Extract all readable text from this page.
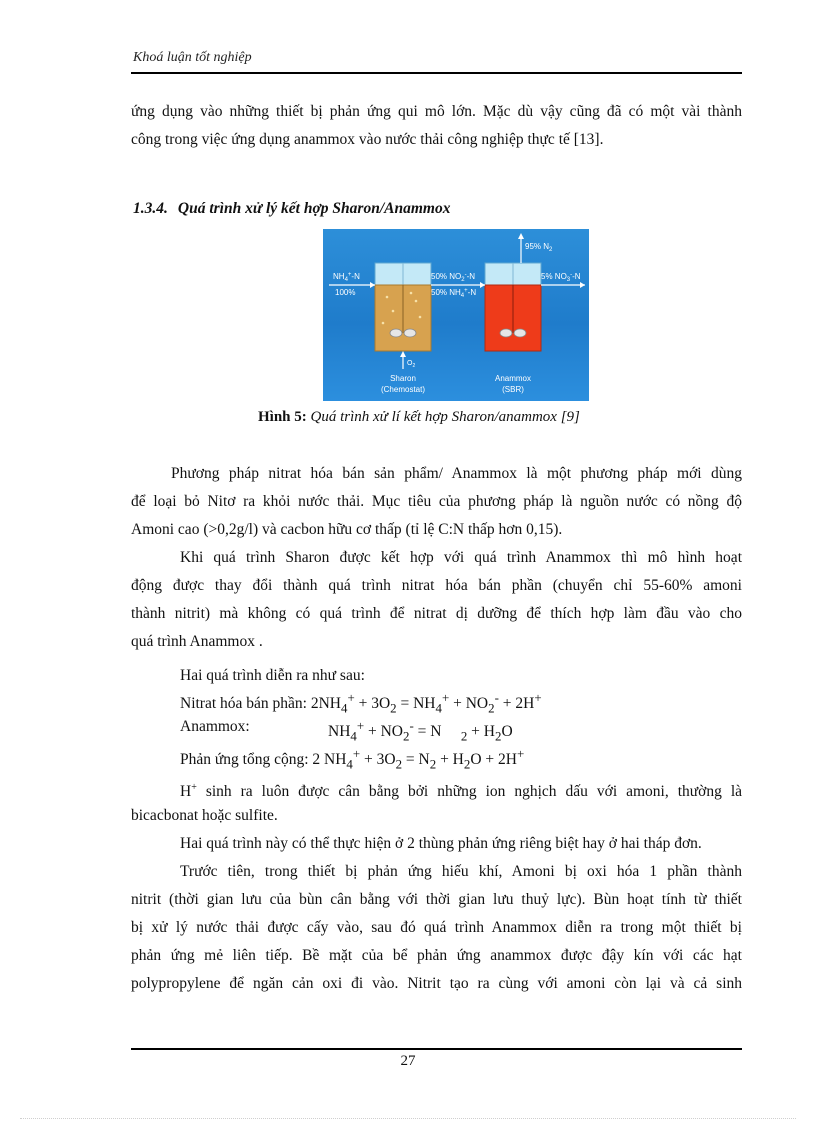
Khoá luận tốt nghiệp
ứng dụng vào những thiết bị phản ứng qui mô lớn. Mặc dù vậy cũng đã có một vài thành
công trong việc ứng dụng anammox vào nước thải công nghiệp thực tế [13].
1.3.4. Quá trình xử lý kết hợp Sharon/Anammox
95% $N_2$
$NH_4^+-N$
100%
50% $NO_2^--N$
50% $NH_4^+-N$
5% $NO_3^--N$
$O_2$
Sharon
(Chemostat)
Anammox
(SBR)
Hình 5: Quá trình xử lí kết hợp Sharon/anammox [9]
Phương pháp nitrat hóa bán sản phẩm/ Anammox là một phương pháp mới dùng
để loại bỏ Nitơ ra khỏi nước thải. Mục tiêu của phương pháp là nguồn nước có nồng độ
Amoni cao (>0,2g/l) và cacbon hữu cơ thấp (tỉ lệ C:N thấp hơn 0,15).
Khi quá trình Sharon được kết hợp với quá trình Anammox thì mô hình hoạt
động được thay đổi thành quá trình nitrat hóa bán phần (chuyển chỉ 55-60% amoni
thành nitrit) mà không có quá trình để nitrat dị dưỡng để thích hợp làm đầu vào cho
quá trình Anammox .
Hai quá trình diễn ra như sau:
Nitrat hóa bán phần: $2NH_4^+ + 3O_2 = NH_4^+ + NO_2^- + 2H^+$
Anammox:	$NH_4^+ + NO_2^- = N$     $_2 + H_2O$
Phản ứng tổng cộng: 2 $NH_4^+ + 3O_2 = N_2 + H_2O + 2H^+$
H+ sinh ra luôn được cân bằng bởi những ion nghịch dấu với amoni, thường là
bicacbonat hoặc sulfite.
Hai quá trình này có thể thực hiện ở 2 thùng phản ứng riêng biệt hay ở hai tháp đơn.
Trước tiên, trong thiết bị phản ứng hiếu khí, Amoni bị oxi hóa 1 phần thành
nitrit (thời gian lưu của bùn cân bằng với thời gian lưu thuỷ lực). Bùn hoạt tính từ thiết
bị xử lý nước thải được cấy vào, sau đó quá trình Anammox diễn ra trong một thiết bị
phản ứng mẻ liên tiếp. Bề mặt của bể phản ứng anammox được đậy kín với các hạt
polypropylene để ngăn cản oxi đi vào. Nitrit tạo ra cùng với amoni còn lại và cả sinh
27
